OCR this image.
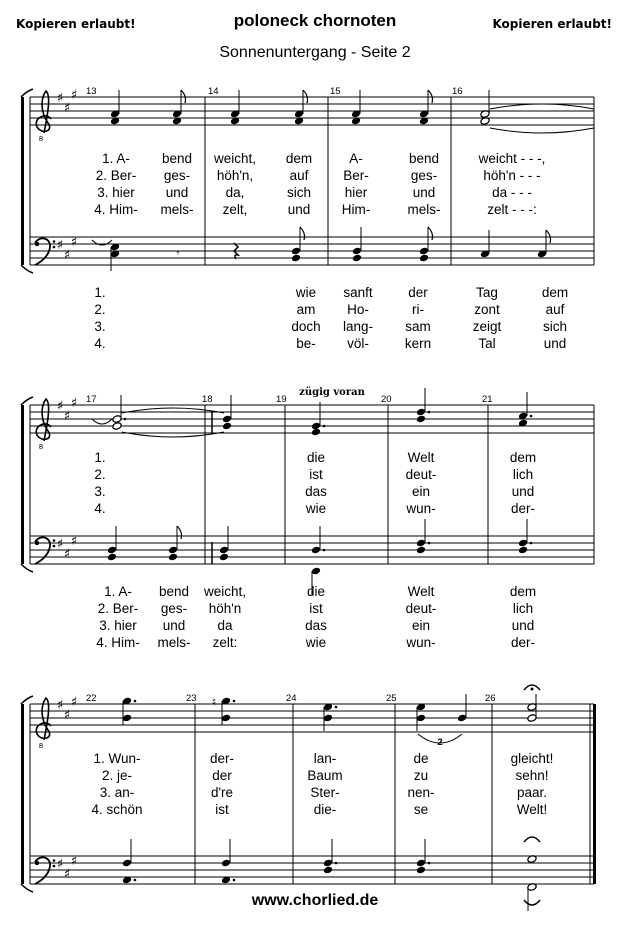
Kopieren erlaubt!	poloneck chornoten	Kopieren erlaubt!
Sonnenuntergang - Seite 2
8
♯
♯
♯
♯
♯
♯
𝄾
8
♯
♯
♯
♯
♯
♯
8
♯
♯
♯
♯
♯
♯
♮
13	14	15	16
1. A- bend weicht, dem	A-	bend	weicht - - -,
2. Ber- ges- höh'n,	auf	Ber-	ges-	höh'n - - -
3. hier und	da,	sich hier	und	da - - -
4. Him- mels- zelt,	und Him-	mels-	zelt - - -:
1.	wie sanft	der	Tag	dem
2.	am Ho-	ri-	zont	auf
3.	doch lang- sam	zeigt	sich
4.	be- völ-	kern	Tal	und
17	18	19	20	21
zügig voran
1.	die	Welt	dem
2.	ist	deut-	lich
3.	das	ein	und
4.	wie	wun-	der-
1. A- bend weicht,	die	Welt	dem
2. Ber- ges- höh'n	ist	deut-	lich
3. hier und da	das	ein	und
4. Him- mels- zelt:	wie	wun-	der-
22	23	24	25	26
2
1. Wun-	der-	lan-	de	gleicht!
2. je-	der	Baum	zu	sehn!
3. an-	d're	Ster-	nen-	paar.
4. schön	ist	die-	se	Welt!
www.chorlied.de
